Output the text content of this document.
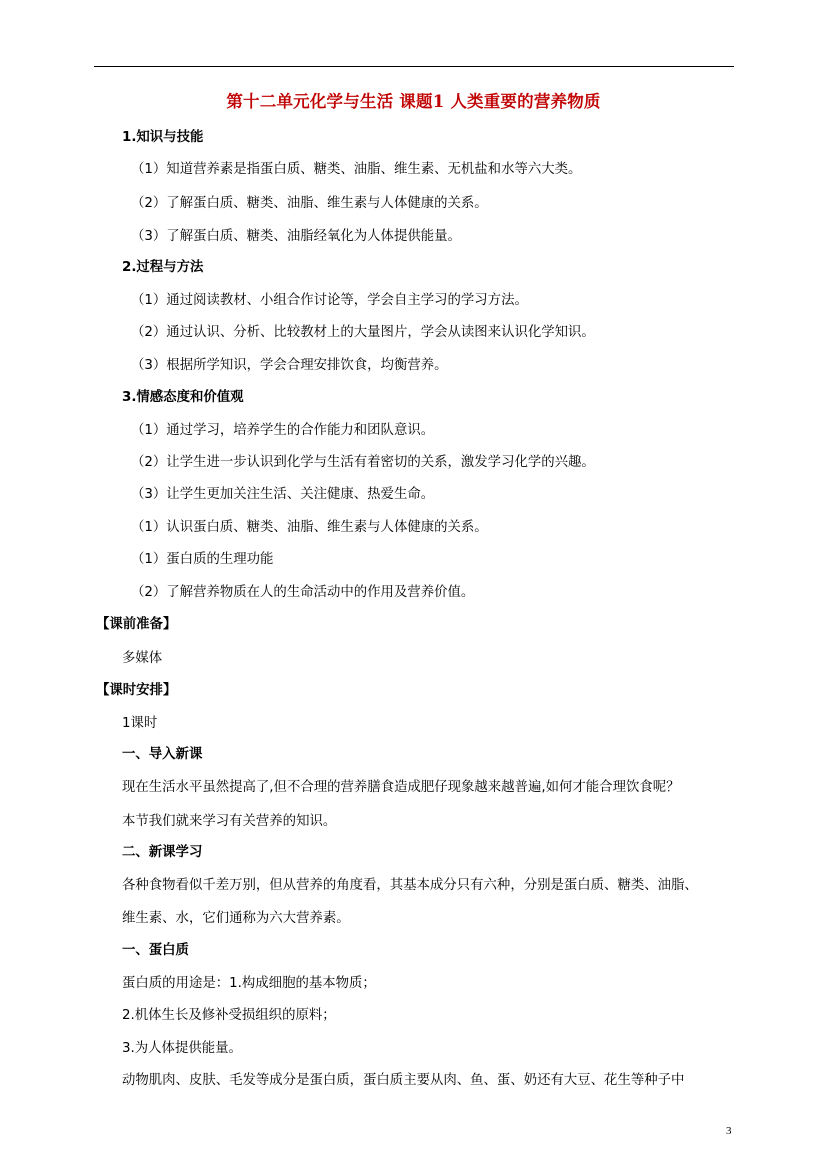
第十二单元化学与生活 课题1 人类重要的营养物质
1.知识与技能
（1）知道营养素是指蛋白质、糖类、油脂、维生素、无机盐和水等六大类。
（2）了解蛋白质、糖类、油脂、维生素与人体健康的关系。
（3）了解蛋白质、糖类、油脂经氧化为人体提供能量。
2.过程与方法
（1）通过阅读教材、小组合作讨论等，学会自主学习的学习方法。
（2）通过认识、分析、比较教材上的大量图片，学会从读图来认识化学知识。
（3）根据所学知识，学会合理安排饮食，均衡营养。
3.情感态度和价值观
（1）通过学习，培养学生的合作能力和团队意识。
（2）让学生进一步认识到化学与生活有着密切的关系，激发学习化学的兴趣。
（3）让学生更加关注生活、关注健康、热爱生命。
（1）认识蛋白质、糖类、油脂、维生素与人体健康的关系。
（1）蛋白质的生理功能
（2）了解营养物质在人的生命活动中的作用及营养价值。
【课前准备】
多媒体
【课时安排】
1课时
一、导入新课
现在生活水平虽然提高了,但不合理的营养膳食造成肥仔现象越来越普遍,如何才能合理饮食呢？
本节我们就来学习有关营养的知识。
二、新课学习
各种食物看似千差万别，但从营养的角度看，其基本成分只有六种，分别是蛋白质、糖类、油脂、
维生素、水，它们通称为六大营养素。
一、蛋白质
蛋白质的用途是：1.构成细胞的基本物质；
2.机体生长及修补受损组织的原料；
3.为人体提供能量。
动物肌肉、皮肤、毛发等成分是蛋白质，蛋白质主要从肉、鱼、蛋、奶还有大豆、花生等种子中
3
